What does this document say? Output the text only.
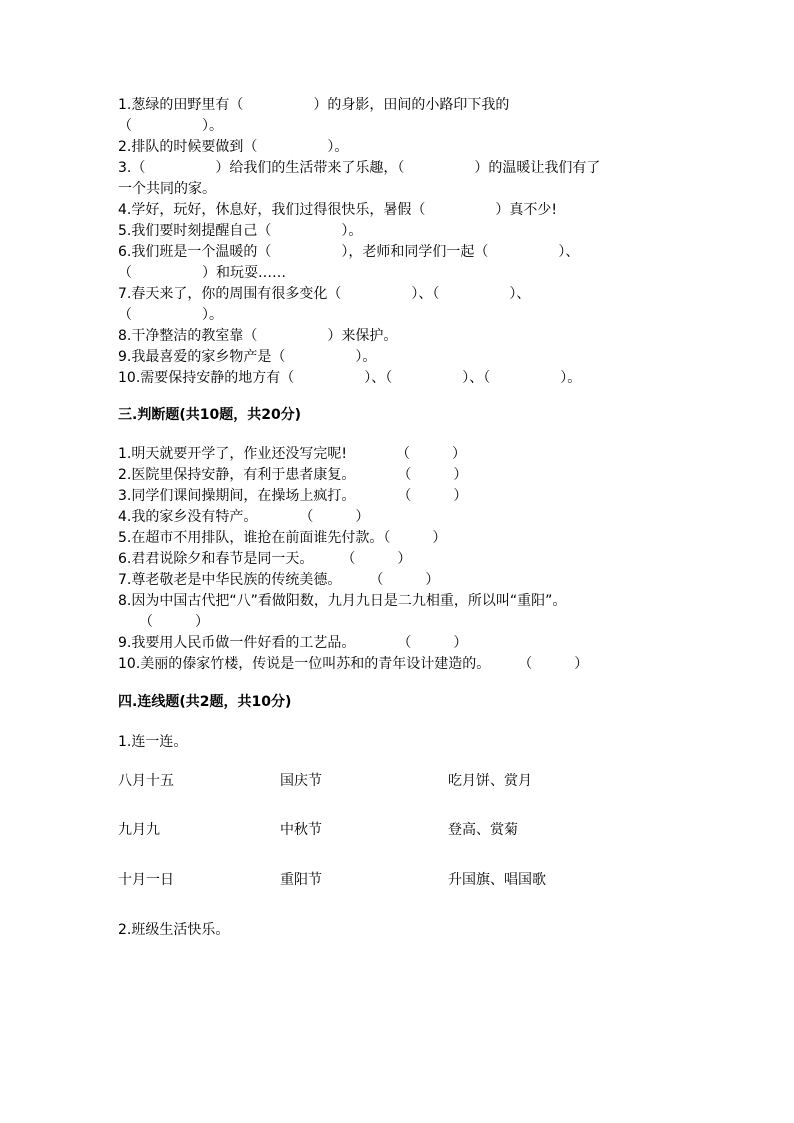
1.葱绿的田野里有（　　　　　）的身影，田间的小路印下我的
（　　　　　）。
2.排队的时候要做到（　　　　　）。
3.（　　　　　）给我们的生活带来了乐趣，（　　　　　）的温暖让我们有了
一个共同的家。
4.学好，玩好，休息好，我们过得很快乐，暑假（　　　　　）真不少!
5.我们要时刻提醒自己（　　　　　）。
6.我们班是一个温暖的（　　　　　），老师和同学们一起（　　　　　）、
（　　　　　）和玩耍……
7.春天来了，你的周围有很多变化（　　　　　）、（　　　　　）、
（　　　　　）。
8.干净整洁的教室靠（　　　　　）来保护。
9.我最喜爱的家乡物产是（　　　　　）。
10.需要保持安静的地方有（　　　　　）、（　　　　　）、（　　　　　）。
三.判断题(共10题，共20分)
1.明天就要开学了，作业还没写完呢!　　　　（　　　）
2.医院里保持安静，有利于患者康复。　　　　（　　　）
3.同学们课间操期间，在操场上疯打。　　　　（　　　）
4.我的家乡没有特产。　　　　（　　　）
5.在超市不用排队，谁抢在前面谁先付款。（　　　）
6.君君说除夕和春节是同一天。　　　（　　　）
7.尊老敬老是中华民族的传统美德。　　　（　　　）
8.因为中国古代把“八”看做阳数，九月九日是二九相重，所以叫“重阳”。
　　（　　　）
9.我要用人民币做一件好看的工艺品。　　　　（　　　）
10.美丽的傣家竹楼，传说是一位叫苏和的青年设计建造的。　　　（　　　）
四.连线题(共2题，共10分)
1.连一连。
八月十五	国庆节	吃月饼、赏月
九月九	中秋节	登高、赏菊
十月一日	重阳节	升国旗、唱国歌
2.班级生活快乐。
